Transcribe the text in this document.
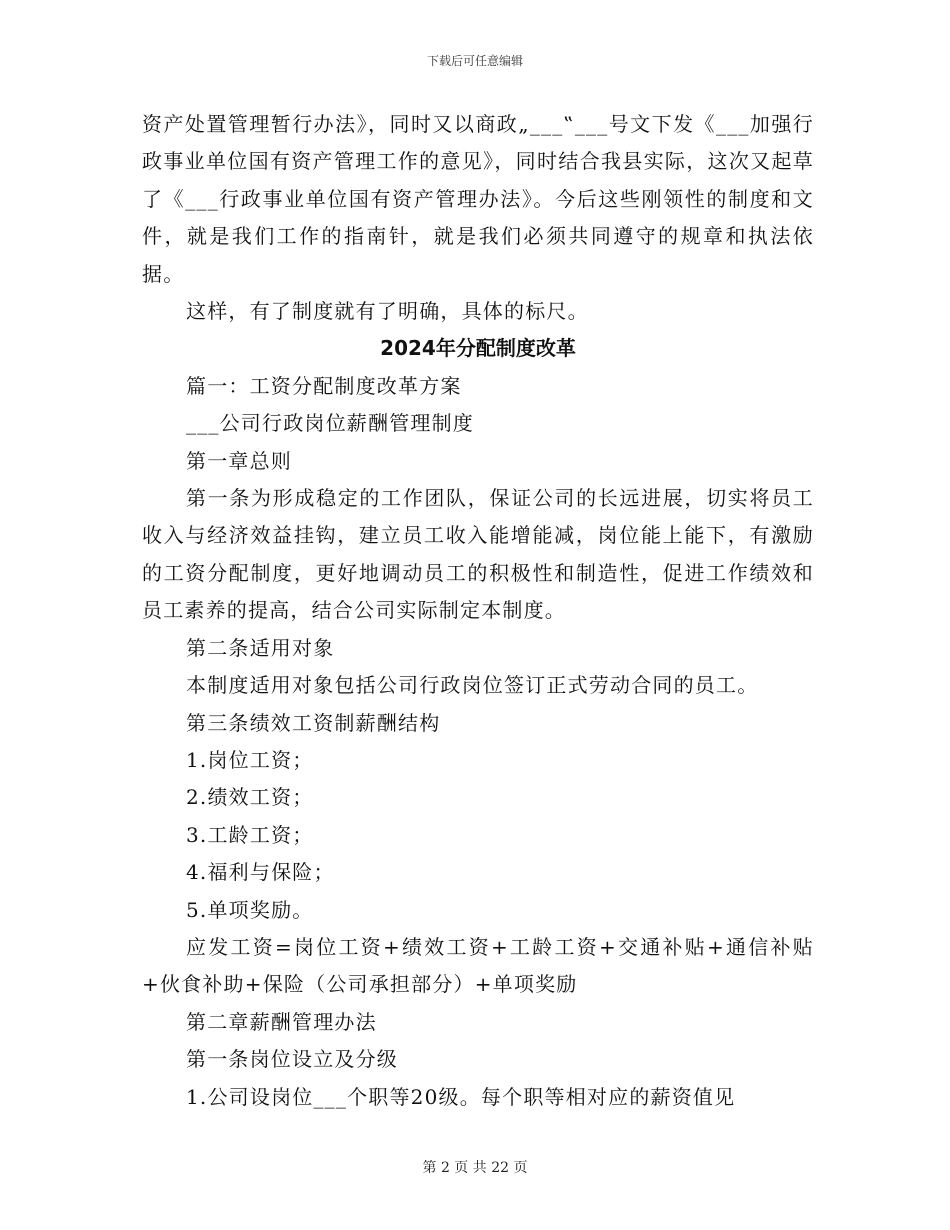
下载后可任意编辑

资产处置管理暂行办法》，同时又以商政„___‟___号文下发《___加强行政事业单位国有资产管理工作的意见》，同时结合我县实际，这次又起草了《___行政事业单位国有资产管理办法》。今后这些刚领性的制度和文件，就是我们工作的指南针，就是我们必须共同遵守的规章和执法依据。

这样，有了制度就有了明确，具体的标尺。

2024年分配制度改革

篇一：工资分配制度改革方案

___公司行政岗位薪酬管理制度

第一章总则

第一条为形成稳定的工作团队，保证公司的长远进展，切实将员工收入与经济效益挂钩，建立员工收入能增能减，岗位能上能下，有激励的工资分配制度，更好地调动员工的积极性和制造性，促进工作绩效和员工素养的提高，结合公司实际制定本制度。

第二条适用对象

本制度适用对象包括公司行政岗位签订正式劳动合同的员工。

第三条绩效工资制薪酬结构

1.岗位工资；

2.绩效工资；

3.工龄工资；

4.福利与保险；

5.单项奖励。

应发工资=岗位工资+绩效工资+工龄工资+交通补贴+通信补贴+伙食补助+保险（公司承担部分）+单项奖励

第二章薪酬管理办法

第一条岗位设立及分级

1.公司设岗位___个职等20级。每个职等相对应的薪资值见

第 2 页 共 22 页
